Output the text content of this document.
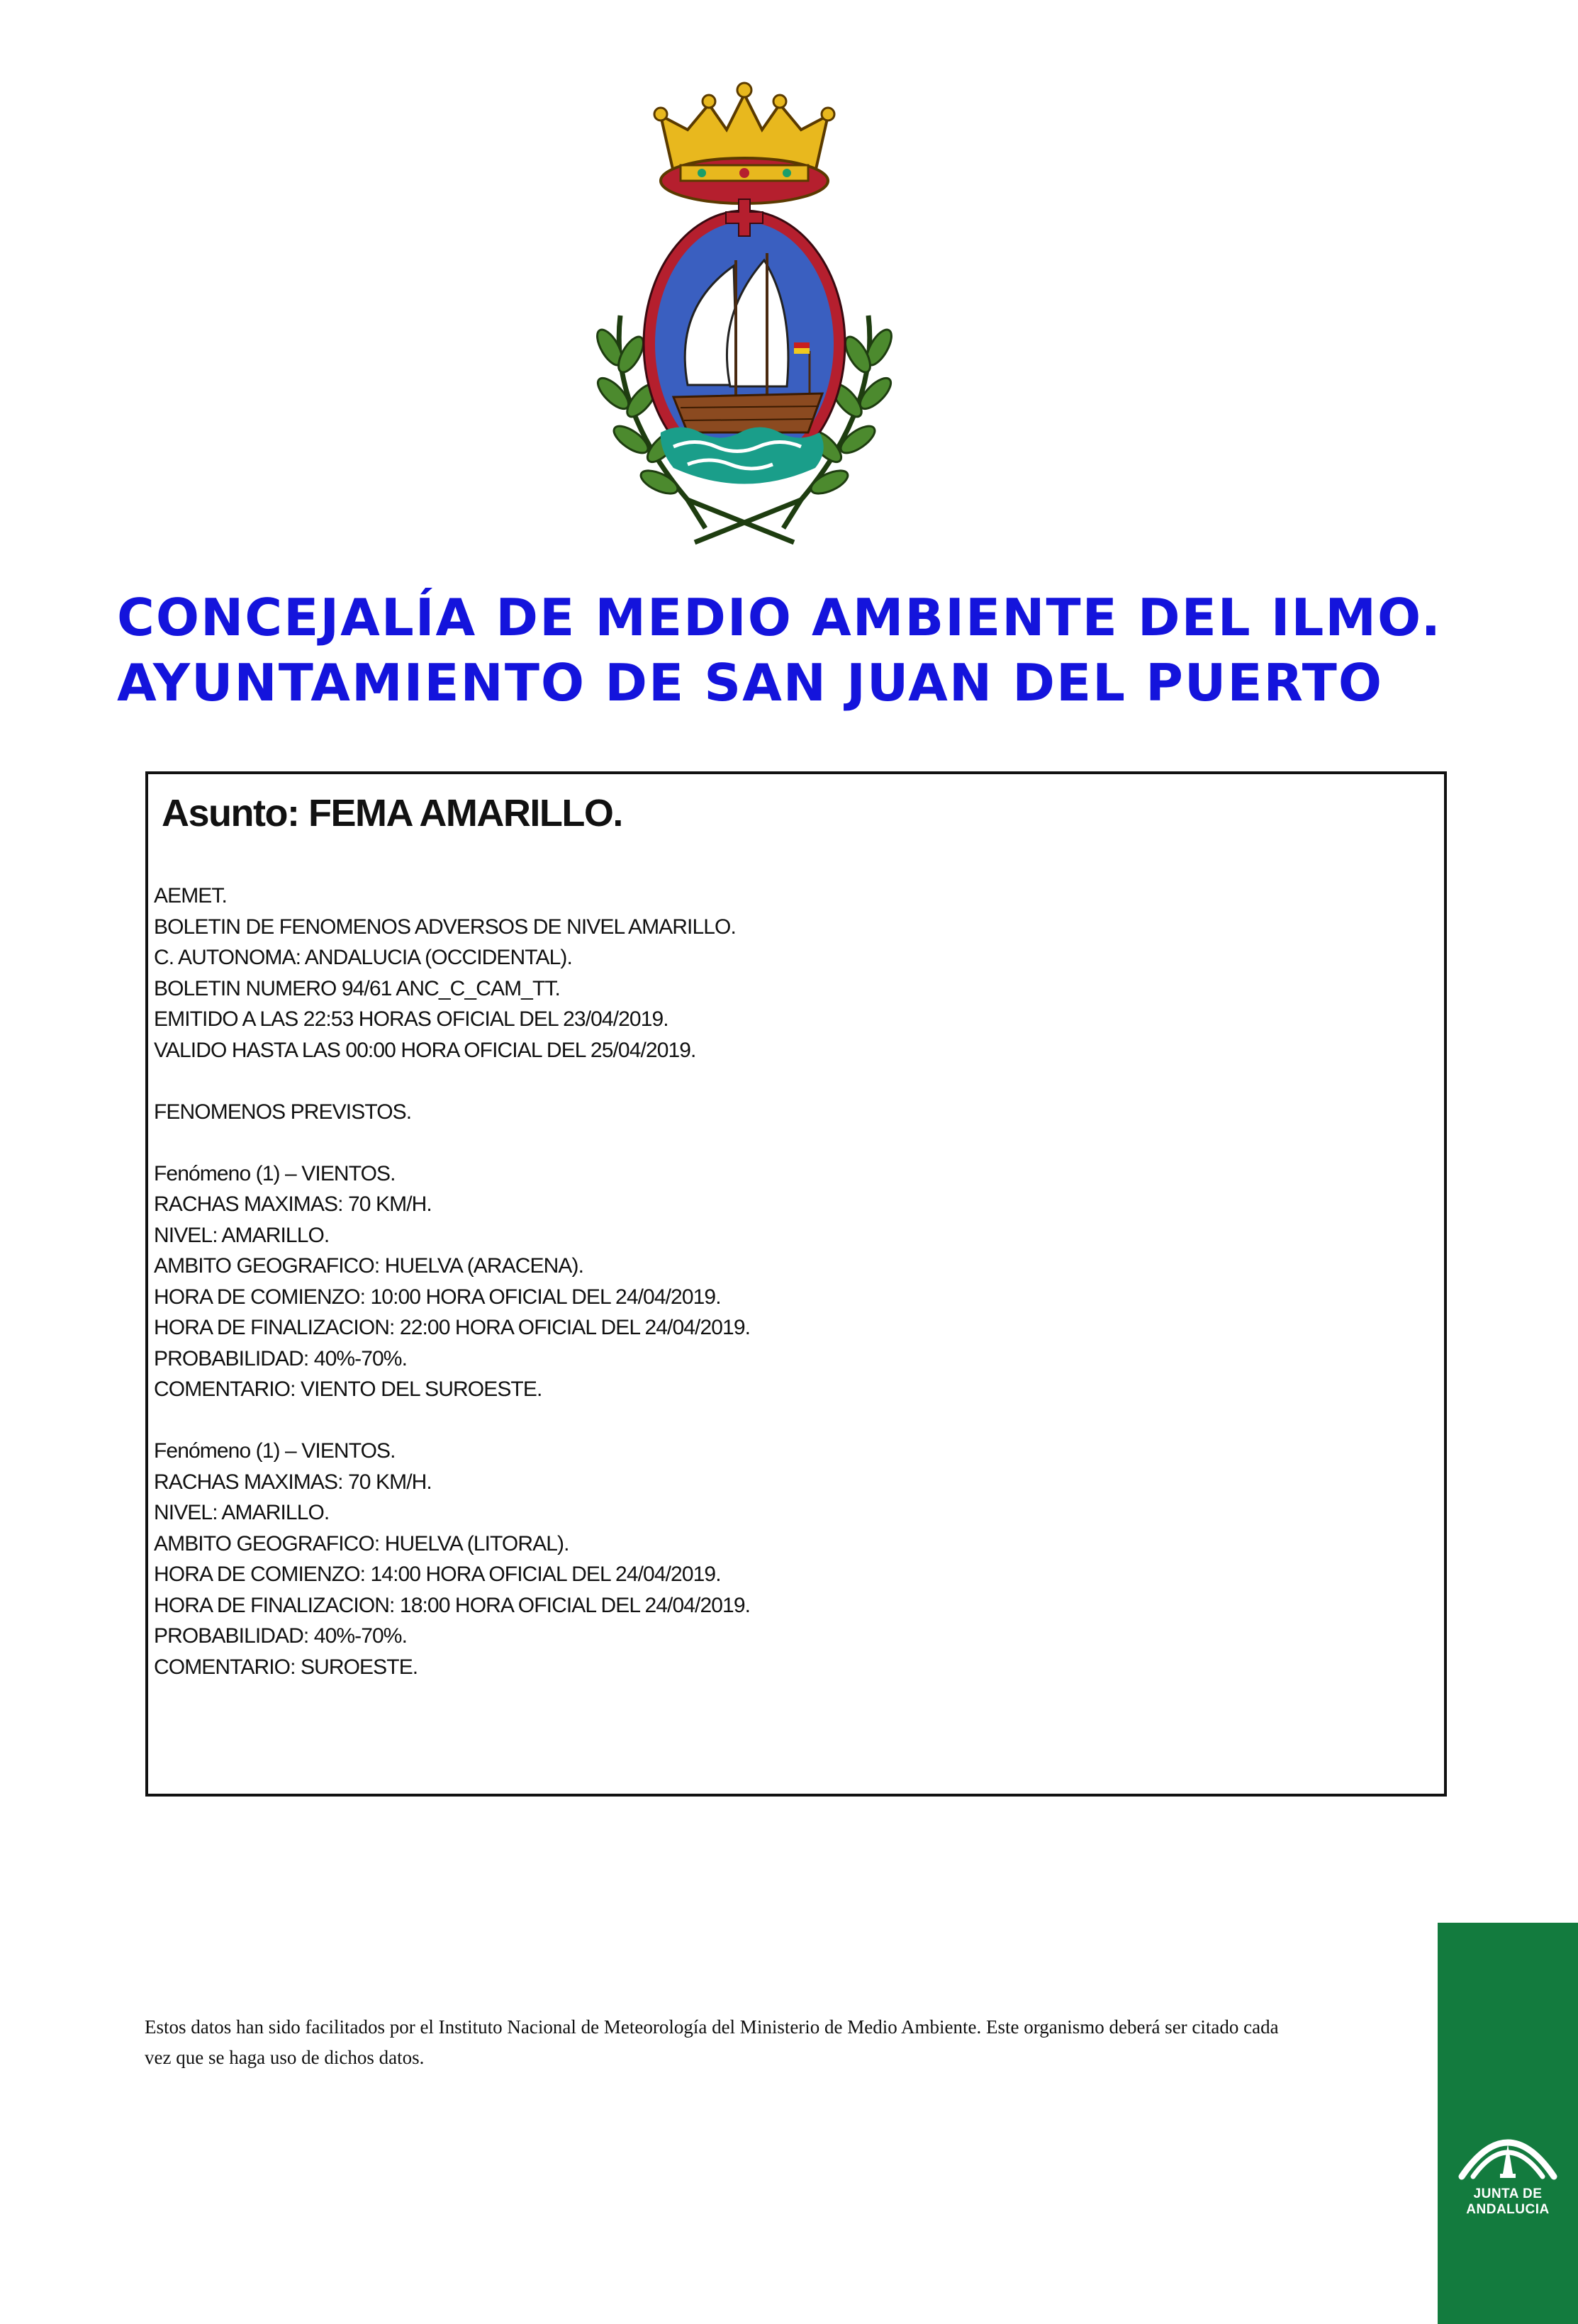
CONCEJALÍA DE MEDIO AMBIENTE DEL ILMO.
AYUNTAMIENTO DE SAN JUAN DEL PUERTO
Asunto: FEMA AMARILLO.
AEMET.
BOLETIN DE FENOMENOS ADVERSOS DE NIVEL AMARILLO.
C. AUTONOMA: ANDALUCIA (OCCIDENTAL).
BOLETIN NUMERO 94/61 ANC_C_CAM_TT.
EMITIDO A LAS 22:53 HORAS OFICIAL DEL 23/04/2019.
VALIDO HASTA LAS 00:00 HORA OFICIAL DEL 25/04/2019.
FENOMENOS PREVISTOS.
Fenómeno (1) – VIENTOS.
RACHAS MAXIMAS: 70 KM/H.
NIVEL: AMARILLO.
AMBITO GEOGRAFICO: HUELVA (ARACENA).
HORA DE COMIENZO: 10:00 HORA OFICIAL DEL 24/04/2019.
HORA DE FINALIZACION: 22:00 HORA OFICIAL DEL 24/04/2019.
PROBABILIDAD: 40%-70%.
COMENTARIO: VIENTO DEL SUROESTE.
Fenómeno (1) – VIENTOS.
RACHAS MAXIMAS: 70 KM/H.
NIVEL: AMARILLO.
AMBITO GEOGRAFICO: HUELVA (LITORAL).
HORA DE COMIENZO: 14:00 HORA OFICIAL DEL 24/04/2019.
HORA DE FINALIZACION: 18:00 HORA OFICIAL DEL 24/04/2019.
PROBABILIDAD: 40%-70%.
COMENTARIO: SUROESTE.
Estos datos han sido facilitados por el Instituto Nacional de Meteorología del Ministerio de Medio Ambiente. Este organismo deberá ser citado cada
vez que se haga uso de dichos datos.
JUNTA DE ANDALUCIA
